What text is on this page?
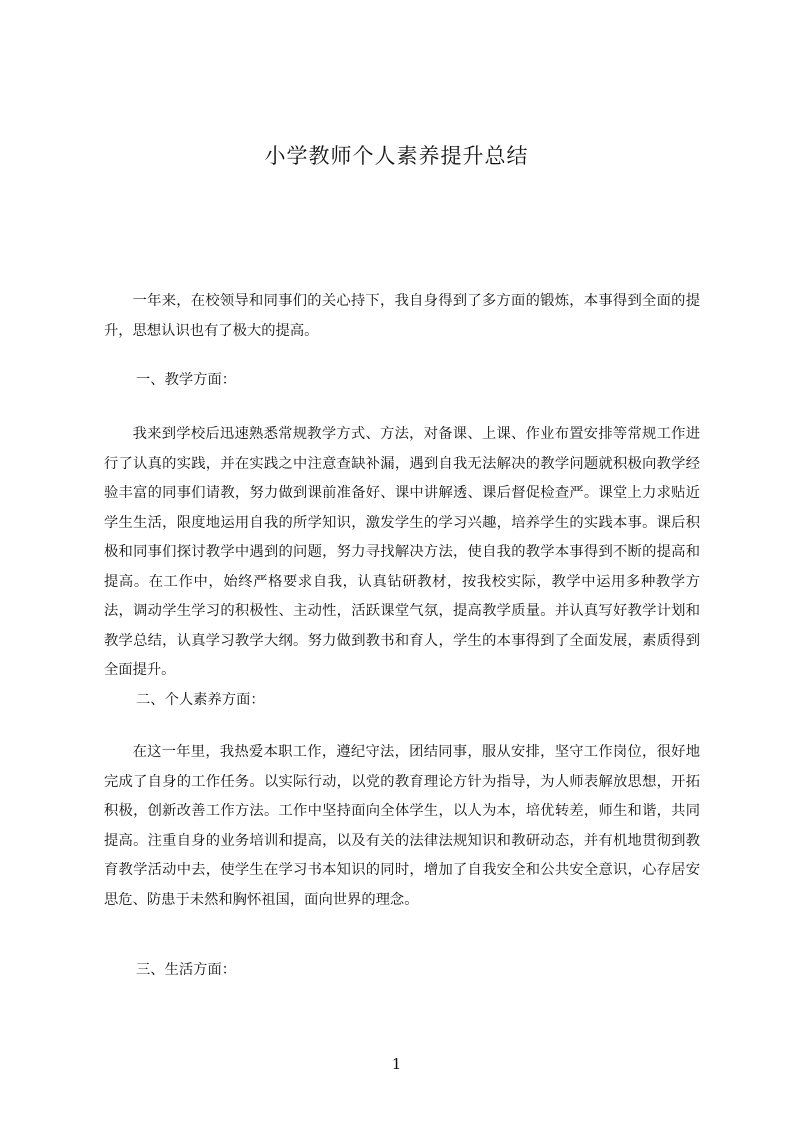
小学教师个人素养提升总结

一年来，在校领导和同事们的关心持下，我自身得到了多方面的锻炼，本事得到全面的提升，思想认识也有了极大的提高。

一、教学方面：

我来到学校后迅速熟悉常规教学方式、方法，对备课、上课、作业布置安排等常规工作进行了认真的实践，并在实践之中注意查缺补漏，遇到自我无法解决的教学问题就积极向教学经验丰富的同事们请教，努力做到课前准备好、课中讲解透、课后督促检查严。课堂上力求贴近学生生活，限度地运用自我的所学知识，激发学生的学习兴趣，培养学生的实践本事。课后积极和同事们探讨教学中遇到的问题，努力寻找解决方法，使自我的教学本事得到不断的提高和提高。在工作中，始终严格要求自我，认真钻研教材，按我校实际，教学中运用多种教学方法，调动学生学习的积极性、主动性，活跃课堂气氛，提高教学质量。并认真写好教学计划和教学总结，认真学习教学大纲。努力做到教书和育人，学生的本事得到了全面发展，素质得到全面提升。

二、个人素养方面：

在这一年里，我热爱本职工作，遵纪守法，团结同事，服从安排，坚守工作岗位，很好地完成了自身的工作任务。以实际行动，以党的教育理论方针为指导，为人师表解放思想，开拓积极，创新改善工作方法。工作中坚持面向全体学生，以人为本，培优转差，师生和谐，共同提高。注重自身的业务培训和提高，以及有关的法律法规知识和教研动态，并有机地贯彻到教育教学活动中去，使学生在学习书本知识的同时，增加了自我安全和公共安全意识，心存居安思危、防患于未然和胸怀祖国，面向世界的理念。

三、生活方面：

1
